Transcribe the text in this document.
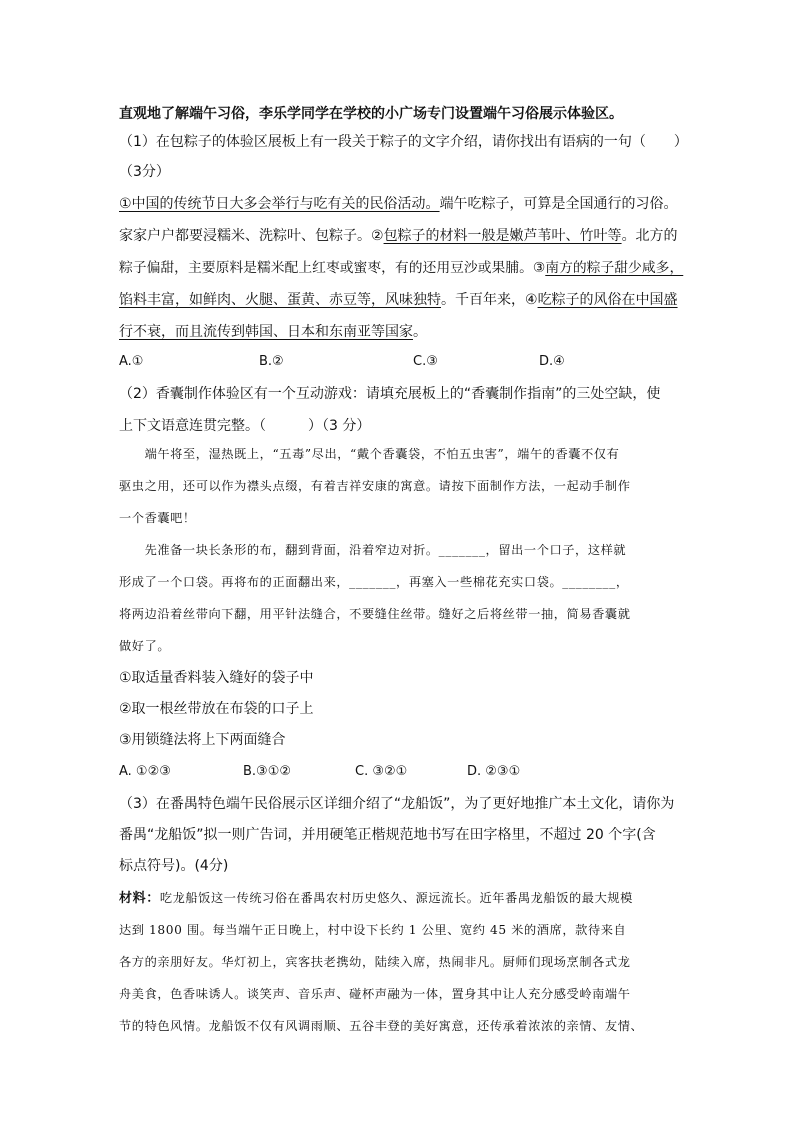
直观地了解端午习俗，李乐学同学在学校的小广场专门设置端午习俗展示体验区。

（1）在包粽子的体验区展板上有一段关于粽子的文字介绍，请你找出有语病的一句（　　）

（3分）

①中国的传统节日大多会举行与吃有关的民俗活动。端午吃粽子，可算是全国通行的习俗。

家家户户都要浸糯米、洗粽叶、包粽子。②包粽子的材料一般是嫩芦苇叶、竹叶等。北方的

粽子偏甜，主要原料是糯米配上红枣或蜜枣，有的还用豆沙或果脯。③南方的粽子甜少咸多，

馅料丰富，如鲜肉、火腿、蛋黄、赤豆等，风味独特。千百年来，④吃粽子的风俗在中国盛

行不衰，而且流传到韩国、日本和东南亚等国家。

A.①	B.②	C.③	D.④

（2）香囊制作体验区有一个互动游戏：请填充展板上的“香囊制作指南”的三处空缺，使

上下文语意连贯完整。（　　　）（3 分）

　　端午将至，湿热既上，“五毒”尽出，“戴个香囊袋，不怕五虫害”，端午的香囊不仅有

驱虫之用，还可以作为襟头点缀，有着吉祥安康的寓意。请按下面制作方法，一起动手制作

一个香囊吧！

　　先准备一块长条形的布，翻到背面，沿着窄边对折。_______，留出一个口子，这样就

形成了一个口袋。再将布的正面翻出来，_______，再塞入一些棉花充实口袋。________，

将两边沿着丝带向下翻，用平针法缝合，不要缝住丝带。缝好之后将丝带一抽，简易香囊就

做好了。

①取适量香料装入缝好的袋子中

②取一根丝带放在布袋的口子上

③用锁缝法将上下两面缝合

A. ①②③	B.③①②	C. ③②①	D. ②③①

（3）在番禺特色端午民俗展示区详细介绍了“龙船饭”，为了更好地推广本土文化，请你为

番禺“龙船饭”拟一则广告词，并用硬笔正楷规范地书写在田字格里，不超过 20 个字(含

标点符号)。(4分)

材料：吃龙船饭这一传统习俗在番禺农村历史悠久、源远流长。近年番禺龙船饭的最大规模

达到 1800 围。每当端午正日晚上，村中设下长约 1 公里、宽约 45 米的酒席，款待来自

各方的亲朋好友。华灯初上，宾客扶老携幼，陆续入席，热闹非凡。厨师们现场烹制各式龙

舟美食，色香味诱人。谈笑声、音乐声、碰杯声融为一体，置身其中让人充分感受岭南端午

节的特色风情。龙船饭不仅有风调雨顺、五谷丰登的美好寓意，还传承着浓浓的亲情、友情、
